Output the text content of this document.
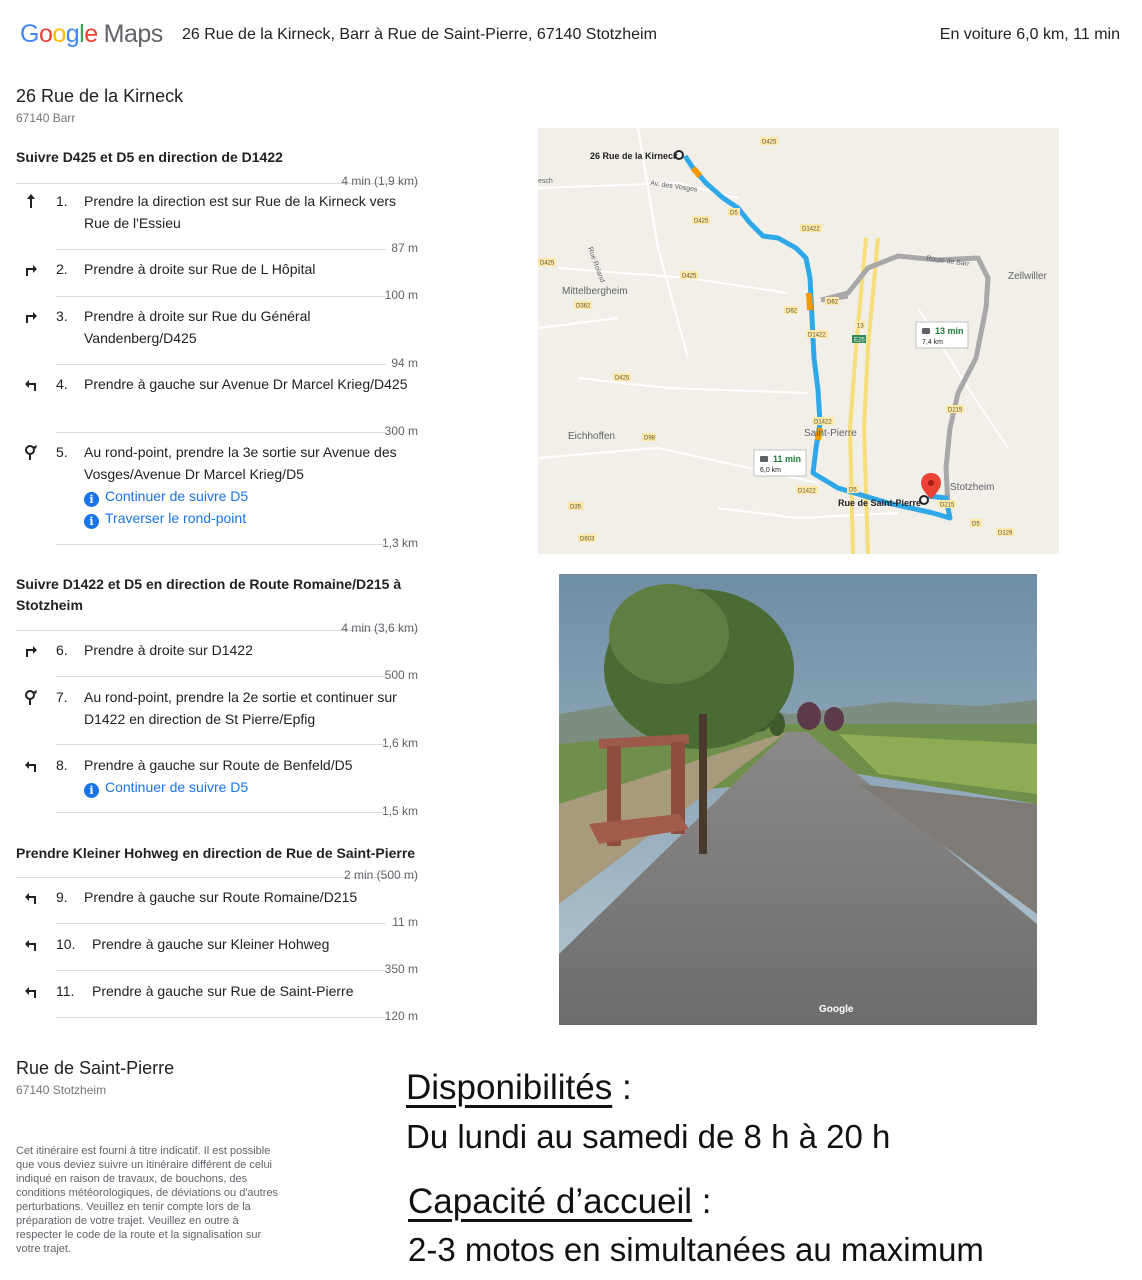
Google Maps 26 Rue de la Kirneck, Barr à Rue de Saint-Pierre, 67140 Stotzheim	En voiture 6,0 km, 11 min
26 Rue de la Kirneck
67140 Barr
Suivre D425 et D5 en direction de D1422
4 min (1,9 km)
1. Prendre la direction est sur Rue de la Kirneck vers Rue de l'Essieu
87 m
2. Prendre à droite sur Rue de L Hôpital
100 m
3. Prendre à droite sur Rue du Général Vandenberg/D425
94 m
4. Prendre à gauche sur Avenue Dr Marcel Krieg/D425
300 m
5. Au rond-point, prendre la 3e sortie sur Avenue des Vosges/Avenue Dr Marcel Krieg/D5
i Continuer de suivre D5
i Traverser le rond-point
1,3 km
Suivre D1422 et D5 en direction de Route Romaine/D215 à Stotzheim
4 min (3,6 km)
6. Prendre à droite sur D1422
500 m
7. Au rond-point, prendre la 2e sortie et continuer sur D1422 en direction de St Pierre/Epfig
1,6 km
8. Prendre à gauche sur Route de Benfeld/D5
i Continuer de suivre D5
1,5 km
Prendre Kleiner Hohweg en direction de Rue de Saint-Pierre
2 min (500 m)
9. Prendre à gauche sur Route Romaine/D215
11 m
10. Prendre à gauche sur Kleiner Hohweg
350 m
11. Prendre à gauche sur Rue de Saint-Pierre
120 m
Rue de Saint-Pierre
67140 Stotzheim
Cet itinéraire est fourni à titre indicatif. Il est possible que vous deviez suivre un itinéraire différent de celui indiqué en raison de travaux, de bouchons, des conditions météorologiques, de déviations ou d'autres perturbations. Veuillez en tenir compte lors de la préparation de votre trajet. Veuillez en outre à respecter le code de la route et la signalisation sur votre trajet.
26 Rue de la Kirneck
Rue de Saint-Pierre
Mittelbergheim
Eichhoffen	Saint-Pierre
Stotzheim
Zellwiller
Av. des Vosges
Rue Roland	Route de Barr
esch
D425
D5
D1422
D425
D362
D62
D62
D1422
13
E25
D425
D215
D1422
D98
D5
D215
D1422
D35
D603
D5
D129
D425
D425
11 min
6,0 km
13 min
7,4 km
Google
Disponibilités :
Du lundi au samedi de 8 h à 20 h
Capacité d’accueil :
2-3 motos en simultanées au maximum
